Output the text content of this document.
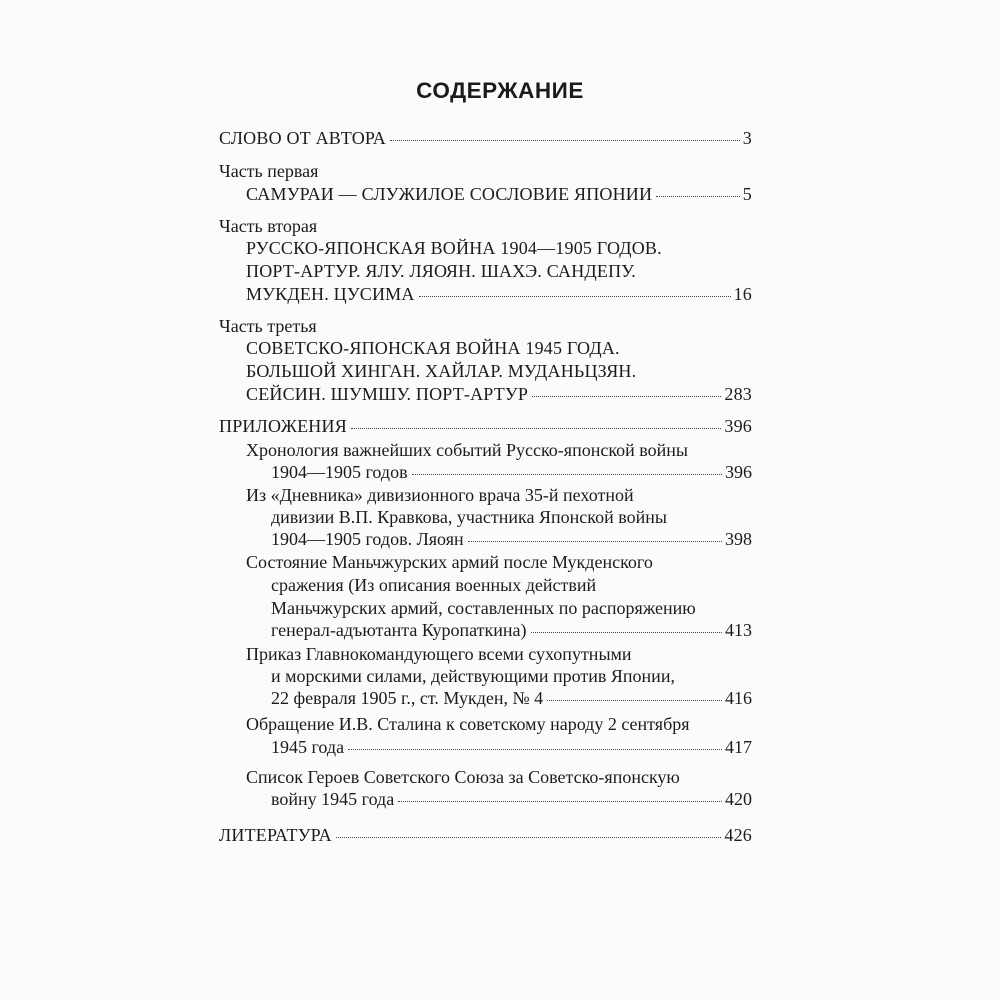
СОДЕРЖАНИЕ
СЛОВО ОТ АВТОРА	3
Часть первая
САМУРАИ — СЛУЖИЛОЕ СОСЛОВИЕ ЯПОНИИ	5
Часть вторая
РУССКО-ЯПОНСКАЯ ВОЙНА 1904—1905 ГОДОВ.
ПОРТ-АРТУР. ЯЛУ. ЛЯОЯН. ШАХЭ. САНДЕПУ.
МУКДЕН. ЦУСИМА	16
Часть третья
СОВЕТСКО-ЯПОНСКАЯ ВОЙНА 1945 ГОДА.
БОЛЬШОЙ ХИНГАН. ХАЙЛАР. МУДАНЬЦЗЯН.
СЕЙСИН. ШУМШУ. ПОРТ-АРТУР	283
ПРИЛОЖЕНИЯ	396
Хронология важнейших событий Русско-японской войны
1904—1905 годов	396
Из «Дневника» дивизионного врача 35-й пехотной
дивизии В.П. Кравкова, участника Японской войны
1904—1905 годов. Ляоян	398
Состояние Маньчжурских армий после Мукденского
сражения (Из описания военных действий
Маньчжурских армий, составленных по распоряжению
генерал-адъютанта Куропаткина)	413
Приказ Главнокомандующего всеми сухопутными
и морскими силами, действующими против Японии,
22 февраля 1905 г., ст. Мукден, № 4	416
Обращение И.В. Сталина к советскому народу 2 сентября
1945 года	417
Список Героев Советского Союза за Советско-японскую
войну 1945 года	420
ЛИТЕРАТУРА	426
